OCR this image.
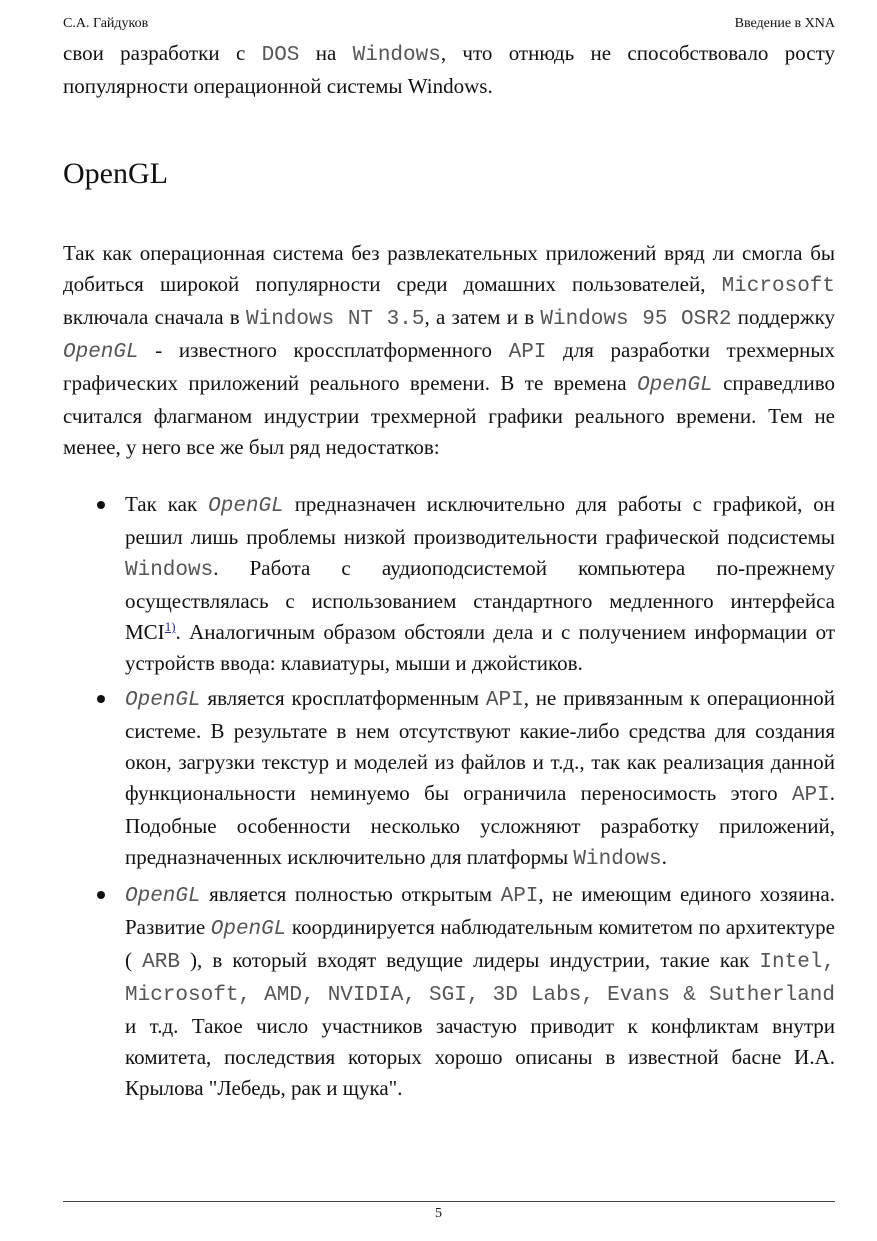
С.А. Гайдуков	Введение в XNA

свои разработки с DOS на Windows, что отнюдь не способствовало росту популярности операционной системы Windows.

OpenGL

Так как операционная система без развлекательных приложений вряд ли смогла бы добиться широкой популярности среди домашних пользователей, Microsoft включала сначала в Windows NT 3.5, а затем и в Windows 95 OSR2 поддержку OpenGL - известного кроссплатформенного API для разработки трехмерных графических приложений реального времени. В те времена OpenGL справедливо считался флагманом индустрии трехмерной графики реального времени. Тем не менее, у него все же был ряд недостатков:

Так как OpenGL предназначен исключительно для работы с графикой, он решил лишь проблемы низкой производительности графической подсистемы Windows. Работа с аудиоподсистемой компьютера по-прежнему осуществлялась с использованием стандартного медленного интерфейса MCI$^{1)}$. Аналогичным образом обстояли дела и с получением информации от устройств ввода: клавиатуры, мыши и джойстиков.
OpenGL является кросплатформенным API, не привязанным к операционной системе. В результате в нем отсутствуют какие-либо средства для создания окон, загрузки текстур и моделей из файлов и т.д., так как реализация данной функциональности неминуемо бы ограничила переносимость этого API. Подобные особенности несколько усложняют разработку приложений, предназначенных исключительно для платформы Windows.
OpenGL является полностью открытым API, не имеющим единого хозяина. Развитие OpenGL координируется наблюдательным комитетом по архитектуре ( ARB ), в который входят ведущие лидеры индустрии, такие как Intel, Microsoft, AMD, NVIDIA, SGI, 3D Labs, Evans & Sutherland и т.д. Такое число участников зачастую приводит к конфликтам внутри комитета, последствия которых хорошо описаны в известной басне И.А. Крылова "Лебедь, рак и щука".
5
